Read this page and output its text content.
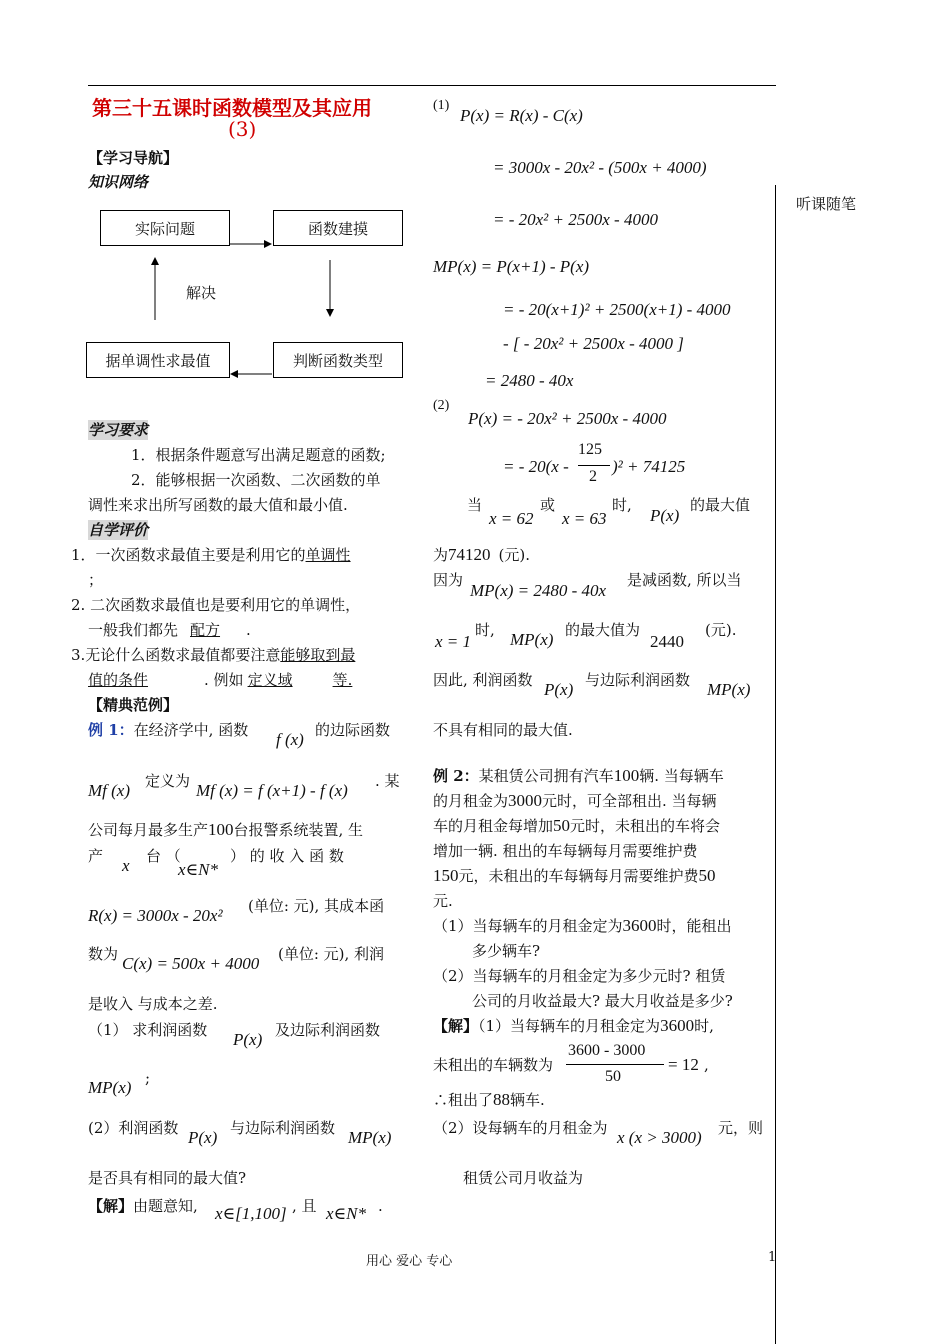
第三十五课时函数模型及其应用
(3)
【学习导航】
知识网络
实际问题	函数建摸
判断函数类型
据单调性求最值
解决
学习要求
1．根据条件题意写出满足题意的函数;
2．能够根据一次函数、二次函数的单
调性来求出所写函数的最大值和最小值.
自学评价
1．一次函数求最值主要是利用它的单调性
；
2. 二次函数求最值也是要利用它的单调性，
一般我们都先 配方 .
3.无论什么函数求最值都要注意能够取到最
值的条件	. 例如 定义域	等.
【精典范例】
例 1：在经济学中, 函数 f (x) 的边际函数
Mf (x) 定义为 Mf (x) = f (x+1) - f (x) . 某
公司每月最多生产100台报警系统装置, 生
产 x 台 （
x∈N*
） 的 收 入 函 数
R(x) = 3000x - 20x² (单位: 元), 其成本函
数为 C(x) = 500x + 4000 (单位: 元), 利润
是收入 与成本之差.
（1） 求利润函数 P(x) 及边际利润函数
MP(x) ;
(2）利润函数 P(x) 与边际利润函数 MP(x)
是否具有相同的最大值?
【解】由题意知, x∈[1,100] , 且 x∈N* .
(1)
P(x) = R(x) - C(x)
= 3000x - 20x² - (500x + 4000)
= - 20x² + 2500x - 4000
MP(x) = P(x+1) - P(x)
= - 20(x+1)² + 2500(x+1) - 4000
- [ - 20x² + 2500x - 4000 ]
= 2480 - 40x
(2)
P(x) = - 20x² + 2500x - 4000
= - 20(x -
125
2
)² + 74125
当
x = 62
或
x = 63
时,
P(x)
的最大值
为74120 (元).
因为
MP(x) = 2480 - 40x
是减函数, 所以当
x = 1
时, MP(x) 的最大值为
2440
(元).
因此, 利润函数 P(x) 与边际利润函数 MP(x)
不具有相同的最大值.
例 2：某租赁公司拥有汽车100辆. 当每辆车
的月租金为3000元时，可全部租出. 当每辆
车的月租金每增加50元时，未租出的车将会
增加一辆. 租出的车每辆每月需要维护费
150元，未租出的车每辆每月需要维护费50
元.
（1）当每辆车的月租金定为3600时，能租出
多少辆车?
（2）当每辆车的月租金定为多少元时? 租赁
公司的月收益最大? 最大月收益是多少?
【解】（1）当每辆车的月租金定为3600时,
未租出的车辆数为
3600 - 3000
50
= 12 ,
∴租出了88辆车.
（2）设每辆车的月租金为 x (x > 3000) 元，则
租赁公司月收益为
听课随笔
用心 爱心 专心	1
